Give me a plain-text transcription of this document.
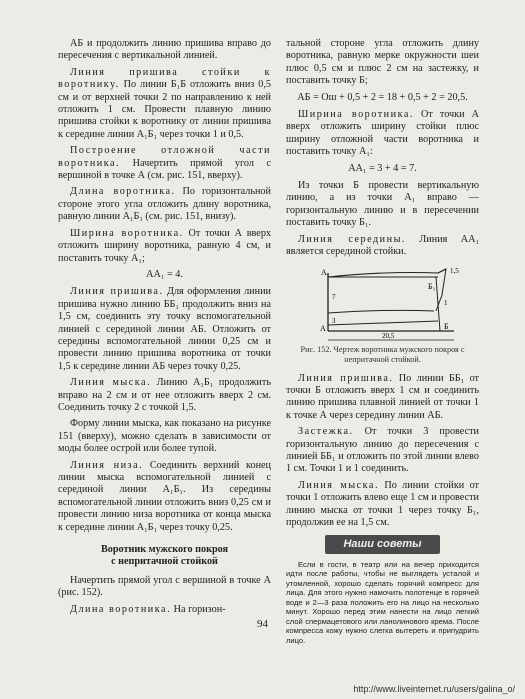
АБ и продолжить линию пришива вправо до пересечения с вертикальной линией.

Линия пришива стойки к воротнику. По линии Б₁Б отложить вниз 0,5 см и от верхней точки 2 по направлению к ней отложить 1 см. Провести плавную линию пришива стойки к воротнику от линии пришива к середине линии А₁Б₁ через точки 1 и 0,5.

Построение отложной части воротника. Начертить прямой угол с вершиной в точке А (см. рис. 151, вверху).

Длина воротника. По горизонтальной стороне этого угла отложить длину воротника, равную линии А₁Б₁ (см. рис. 151, внизу).

Ширина воротника. От точки А вверх отложить ширину воротника, равную 4 см, и поставить точку А₁;

АА₁ = 4.

Линия пришива. Для оформления линии пришива нужно линию ББ₁ продолжить вниз на 1,5 см, соединить эту точку вспомогательной линией с серединой линии АБ. Отложить от середины вспомогательной линии 0,25 см и провести линию пришива воротника от точки 1,5 к середине линии АБ через точку 0,25.

Линия мыска. Линию А₁Б₁ продолжить вправо на 2 см и от нее отложить вверх 2 см. Соединить точку 2 с точкой 1,5.

Форму линии мыска, как показано на рисунке 151 (вверху), можно сделать в зависимости от моды более острой или более тупой.

Линия низа. Соединить верхний конец линии мыска вспомогательной линией с серединой линии А₁Б₁. Из середины вспомогательной линии отложить вниз 0,25 см и провести линию низа воротника от конца мыска к середине линии А₁Б₁ через точку 0,25.

Воротник мужского покроя
с непритачной стойкой

Начертить прямой угол с вершиной в точке А (рис. 152).

Длина воротника. На горизон-

тальной стороне угла отложить длину воротника, равную мерке окружности шеи плюс 0,5 см и плюс 2 см на застежку, и поставить точку Б;

АБ = Ош + 0,5 + 2 = 18 + 0,5 + 2 = 20,5.

Ширина воротника. От точки А вверх отложить ширину стойки плюс ширину отложной части воротника и поставить точку А₁:

АА₁ = 3 + 4 = 7.

Из точки Б провести вертикальную линию, а из точки А₁ вправо — горизонтальную линию и в пересечении поставить точку Б₁.

Линия середины. Линия АА₁ является серединой стойки.

А₁
А
Б₁
Б
1
1,5
7
3
20,5

Рис. 152. Чертеж воротника мужского покроя с непритачной стойкой.

Линия пришива. По линии ББ₁ от точки Б отложить вверх 1 см и соединить линию пришива плавной линией от точки 1 к точке А через середину линии АБ.

Застежка. От точки 3 провести горизонтальную линию до пересечения с линией ББ₁ и отложить по этой линии влево 1 см. Точки 1 и 1 соединить.

Линия мыска. По линии стойки от точки 1 отложить влево еще 1 см и провести линию мыска от точки 1 через точку Б₁, продолжив ее на 1,5 см.

Наши советы

Если в гости, в театр или на вечер приходится идти после работы, чтобы не выглядеть усталой и утомленной, хорошо сделать горячий компресс для лица. Для этого нужно намочить полотенце в горячей воде и 2—3 раза положить его на лицо на несколько минут. Хорошо перед этим нанести на лицо легкий слой спермацетового или ланолинового крема. После компресса кожу нужно слегка вытереть и припудрить лицо.

94
http://www.liveinternet.ru/users/galina_o/
